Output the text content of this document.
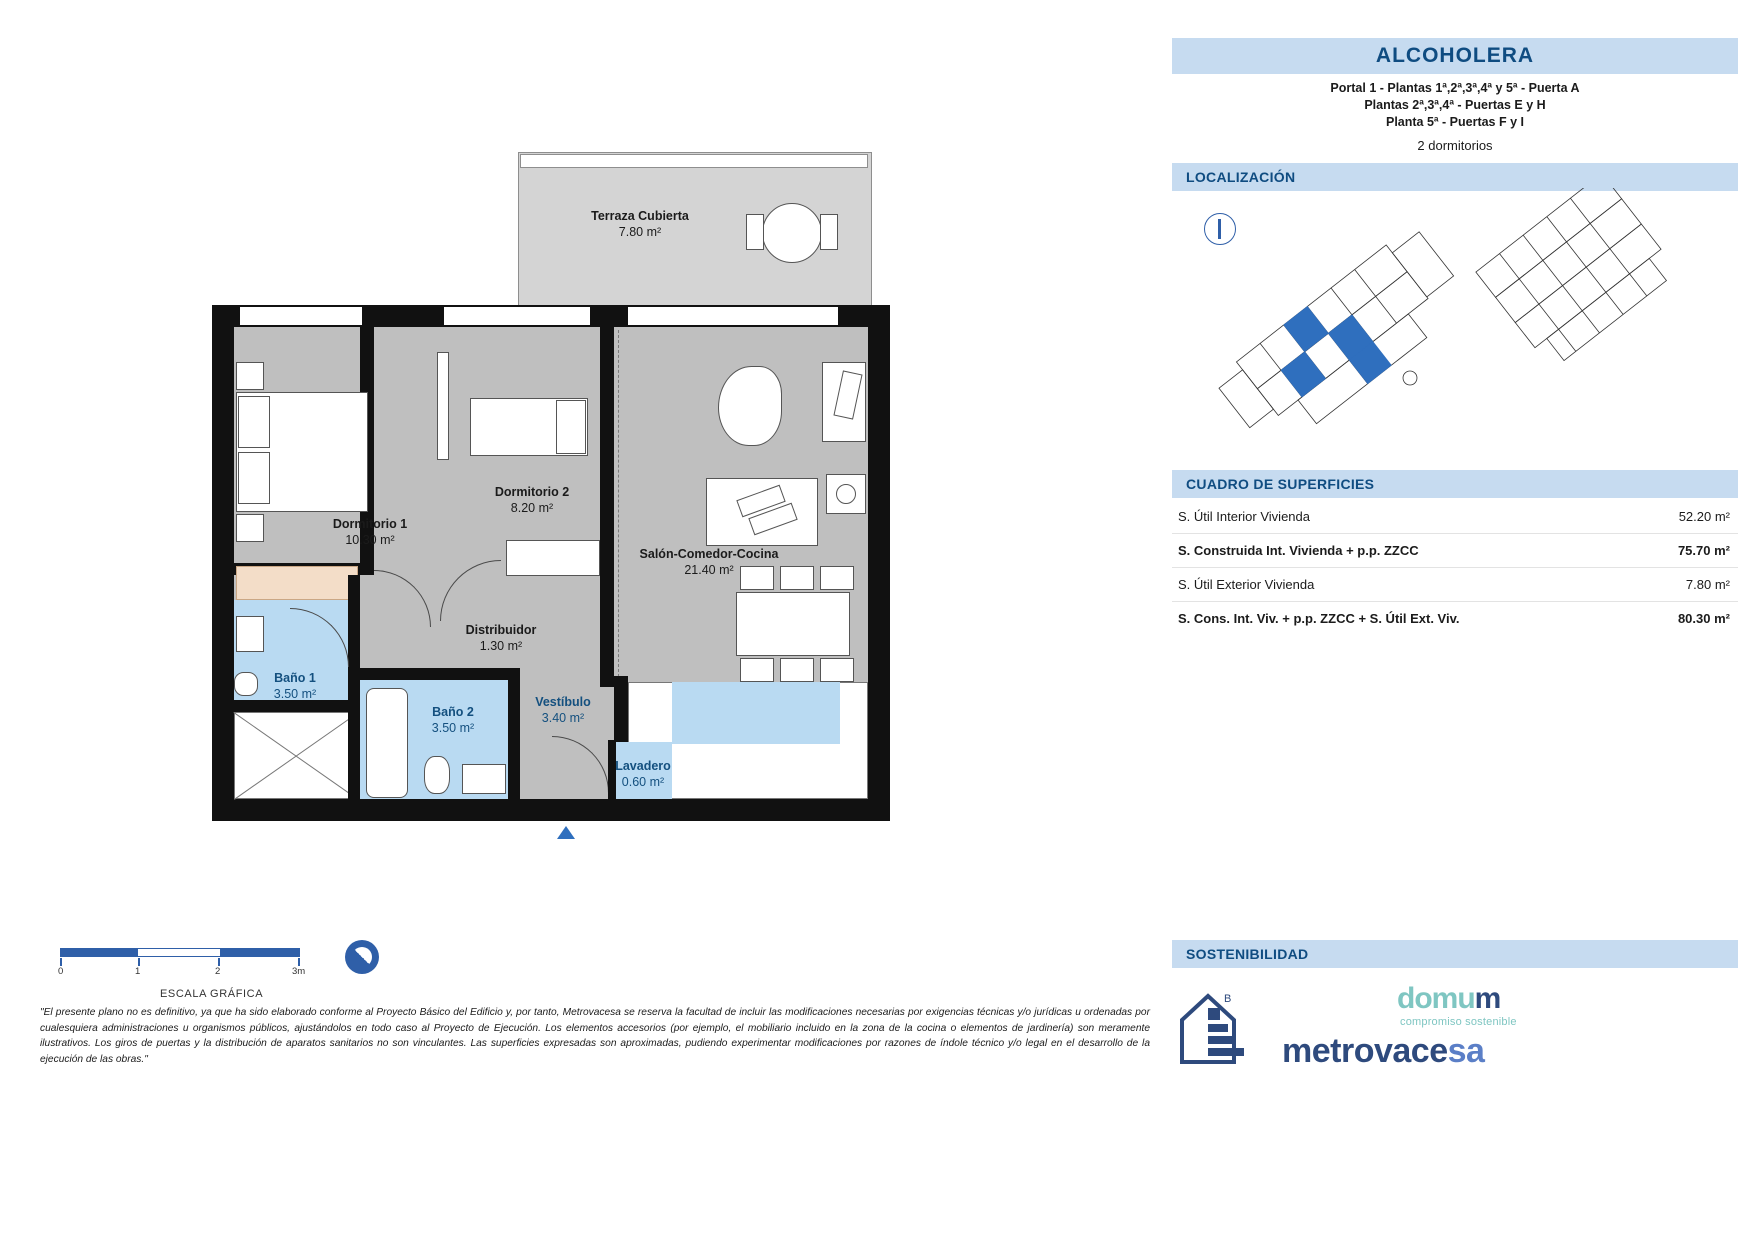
Terraza Cubierta
7.80 m²
Dormitorio 1
10.30 m²
Dormitorio 2
8.20 m²
Salón-Comedor-Cocina
21.40 m²
Distribuidor
1.30 m²
Baño 1
3.50 m²
Baño 2
3.50 m²
Vestíbulo
3.40 m²
Lavadero
0.60 m²
0	1	2	3m
ESCALA GRÁFICA
"El presente plano no es definitivo, ya que ha sido elaborado conforme al Proyecto Básico del Edificio y, por tanto, Metrovacesa se reserva la facultad de incluir las modificaciones necesarias por exigencias técnicas y/o jurídicas u ordenadas por cualesquiera administraciones u organismos públicos, ajustándolos en todo caso al Proyecto de Ejecución. Los elementos accesorios (por ejemplo, el mobiliario incluido en la zona de la cocina o elementos de jardinería) son meramente ilustrativos. Los giros de puertas y la distribución de aparatos sanitarios no son vinculantes. Las superficies expresadas son aproximadas, pudiendo experimentar modificaciones por razones de índole técnico y/o legal en el desarrollo de la ejecución de las obras."
ALCOHOLERA
Portal 1 - Plantas 1ª,2ª,3ª,4ª y 5ª - Puerta A
Plantas 2ª,3ª,4ª - Puertas E y H
Planta 5ª - Puertas F y I
2 dormitorios
LOCALIZACIÓN
CUADRO DE SUPERFICIES
S. Útil Interior Vivienda	52.20 m²
S. Construida Int. Vivienda + p.p. ZZCC	75.70 m²
S. Útil Exterior Vivienda	7.80 m²
S. Cons. Int. Viv. + p.p. ZZCC + S. Útil Ext. Viv.	80.30 m²
SOSTENIBILIDAD
B	domum
compromiso sostenible
metrovacesa
